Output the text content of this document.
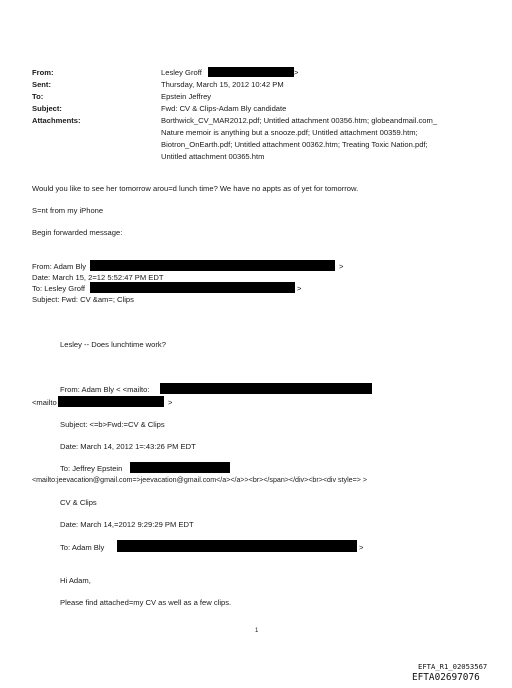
From:	Lesley Groff	>
Sent:	Thursday, March 15, 2012 10:42 PM
To:	Epstein Jeffrey
Subject:	Fwd: CV & Clips-Adam Bly candidate
Attachments:	Borthwick_CV_MAR2012.pdf; Untitled attachment 00356.htm; globeandmail.com_
Nature memoir is anything but a snooze.pdf; Untitled attachment 00359.htm;
Biotron_OnEarth.pdf; Untitled attachment 00362.htm; Treating Toxic Nation.pdf;
Untitled attachment 00365.htm
Would you like to see her tomorrow arou=d lunch time? We have no appts as of yet for tomorrow.
S=nt from my iPhone
Begin forwarded message:
From: Adam Bly	>
Date: March 15, 2=12 5:52:47 PM EDT
To: Lesley Groff	>
Subject: Fwd: CV &am=; Clips
Lesley -- Does lunchtime work?
From: Adam Bly < <mailto:
<mailto	>
Subject: <=b>Fwd:=CV & Clips
Date: March 14, 2012 1=:43:26 PM EDT
To: Jeffrey Epstein
<mailto:jeevacation@gmail.com=>jeevacation@gmail.com</a></a>><br></span></div><br><div style=> >
CV & Clips
Date: March 14,=2012 9:29:29 PM EDT
To: Adam Bly	>
Hi Adam,
Please find attached=my CV as well as a few clips.
1
EFTA_R1_02053567
EFTA02697076
